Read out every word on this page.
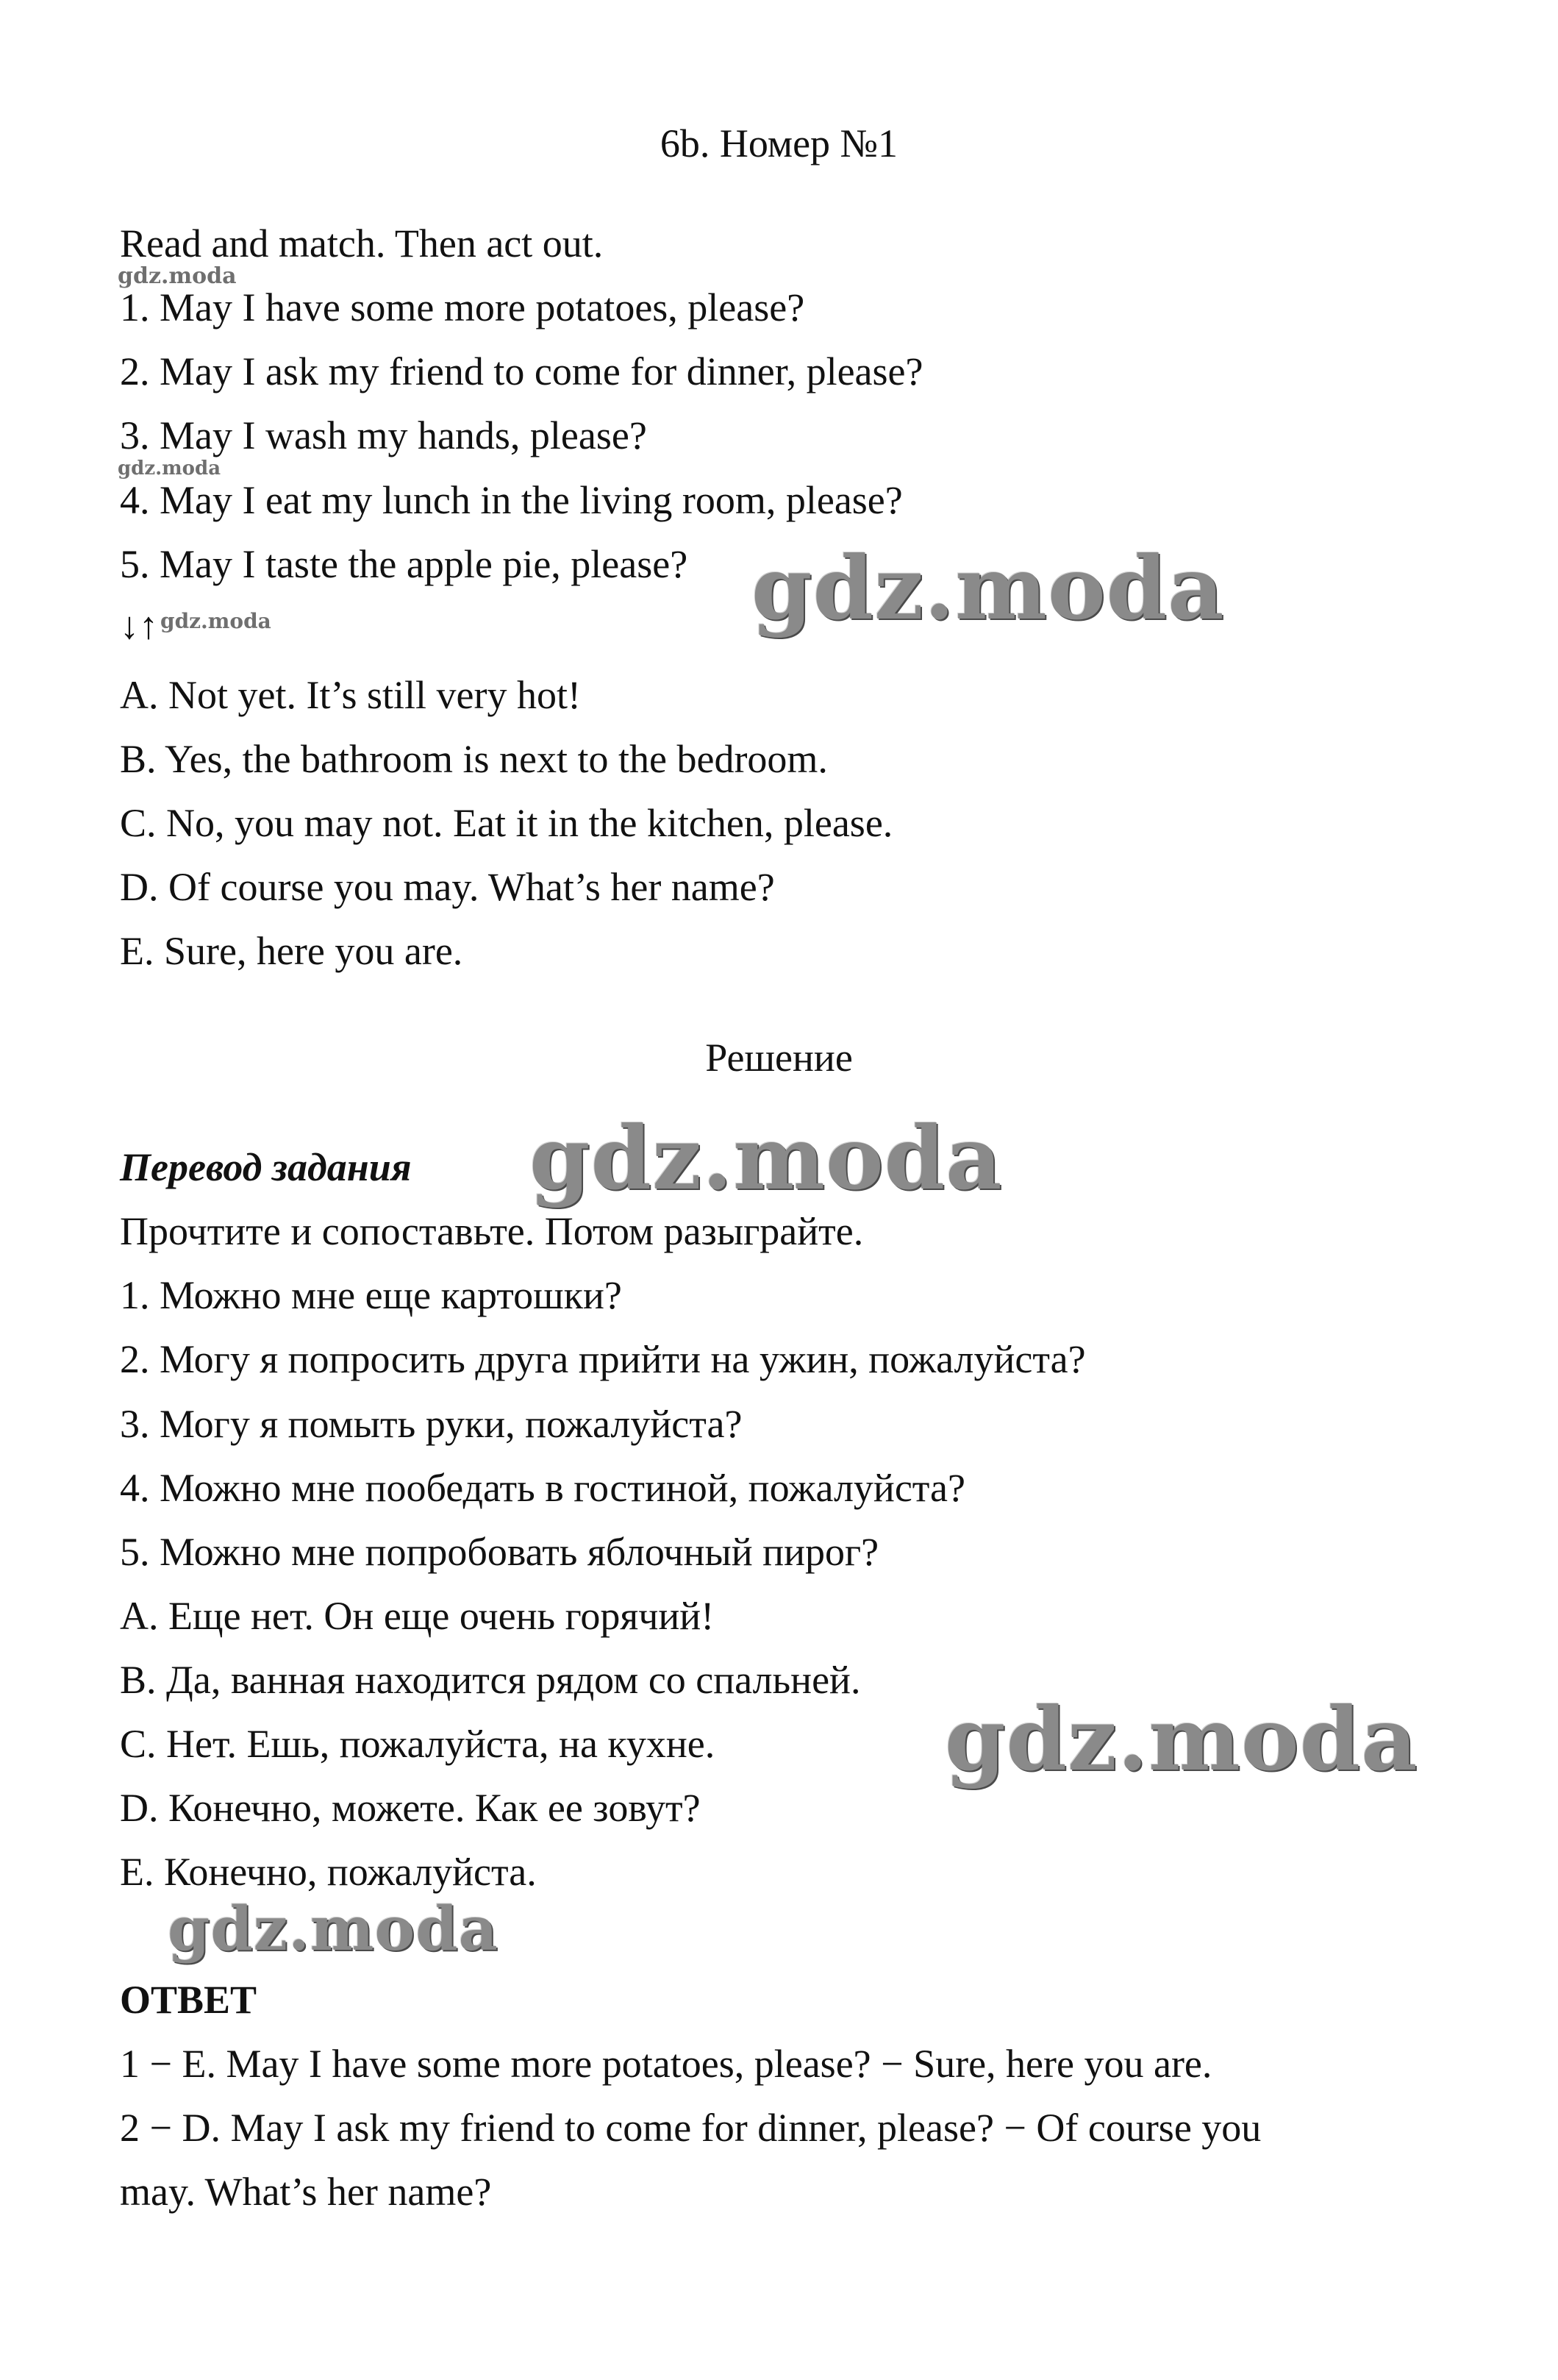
6b. Номер №1
Read and match. Then act out.
gdz.moda
1. May I have some more potatoes, please?
2. May I ask my friend to come for dinner, please?
3. May I wash my hands, please?
gdz.moda
4. May I eat my lunch in the living room, please?
5. May I taste the apple pie, please?
↓↑ gdz.moda	gdz.moda
A. Not yet. It’s still very hot!
B. Yes, the bathroom is next to the bedroom.
C. No, you may not. Eat it in the kitchen, please.
D. Of course you may. What’s her name?
E. Sure, here you are.
Решение
Перевод задания gdz.moda
Прочтите и сопоставьте. Потом разыграйте.
1. Можно мне еще картошки?
2. Могу я попросить друга прийти на ужин, пожалуйста?
3. Могу я помыть руки, пожалуйста?
4. Можно мне пообедать в гостиной, пожалуйста?
5. Можно мне попробовать яблочный пирог?
A. Еще нет. Он еще очень горячий!
B. Да, ванная находится рядом со спальней.
C. Нет. Ешь, пожалуйста, на кухне.	gdz.moda
D. Конечно, можете. Как ее зовут?
E. Конечно, пожалуйста.
gdz.moda
ОТВЕТ
1 − E. May I have some more potatoes, please? − Sure, here you are.
2 − D. May I ask my friend to come for dinner, please? − Of course you
may. What’s her name?
